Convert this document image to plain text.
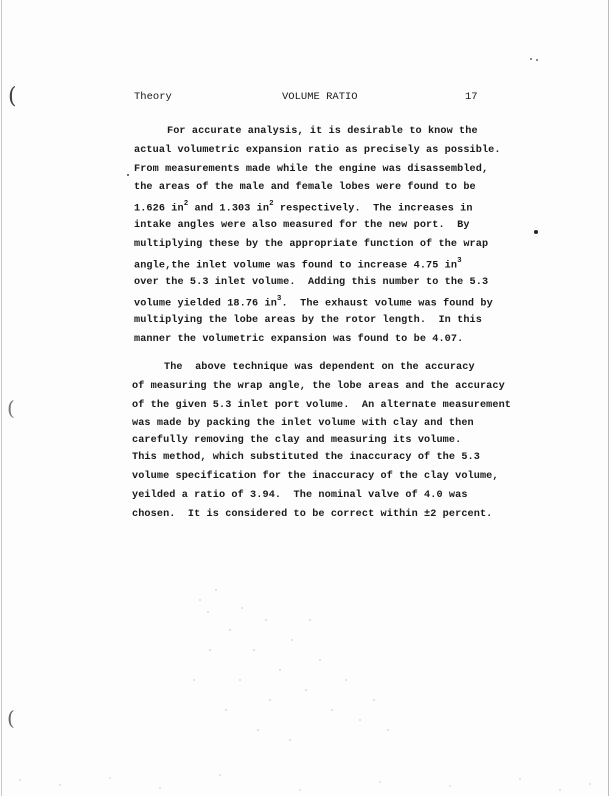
(
(
(
Theory	VOLUME RATIO	17
For accurate analysis, it is desirable to know the
actual volumetric expansion ratio as precisely as possible.
From measurements made while the engine was disassembled,
the areas of the male and female lobes were found to be
1.626 $in^2$ and 1.303 $in^2$ respectively.  The increases in
intake angles were also measured for the new port.  By
multiplying these by the appropriate function of the wrap
angle,the inlet volume was found to increase 4.75 $in^3$
over the 5.3 inlet volume.  Adding this number to the 5.3
volume yielded 18.76 $in^3$.  The exhaust volume was found by
multiplying the lobe areas by the rotor length.  In this
manner the volumetric expansion was found to be 4.07.
The  above technique was dependent on the accuracy
of measuring the wrap angle, the lobe areas and the accuracy
of the given 5.3 inlet port volume.  An alternate measurement
was made by packing the inlet volume with clay and then
carefully removing the clay and measuring its volume.
This method, which substituted the inaccuracy of the 5.3
volume specification for the inaccuracy of the clay volume,
yeilded a ratio of 3.94.  The nominal valve of 4.0 was
chosen.  It is considered to be correct within ±2 percent.
